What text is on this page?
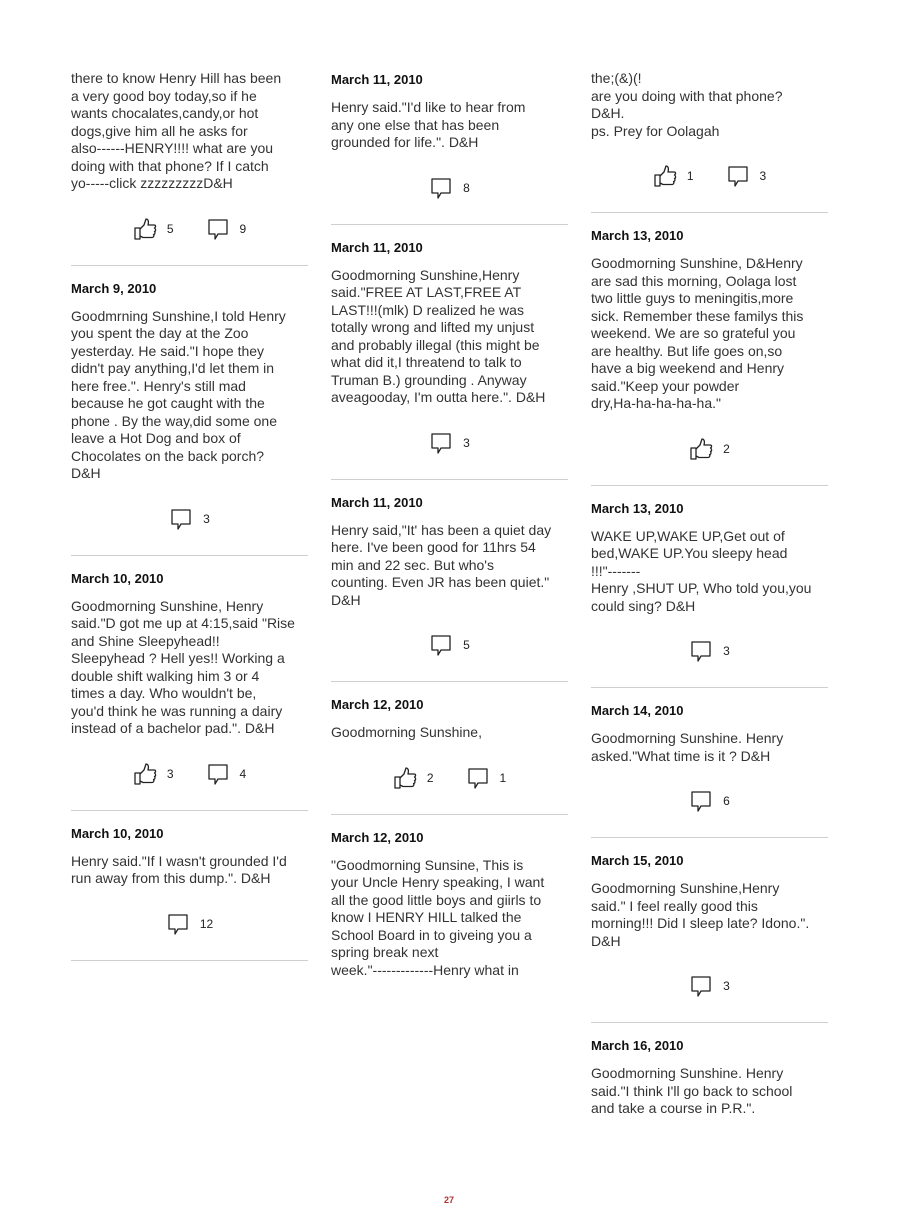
there to know Henry Hill has been
a very good boy today,so if he
wants chocalates,candy,or hot
dogs,give him all he asks for
also------HENRY!!!! what are you
doing with that phone? If I catch
yo-----click zzzzzzzzzD&H

5	9
March 9, 2010

Goodmrning Sunshine,I told Henry
you spent the day at the Zoo
yesterday. He said."I hope they
didn't pay anything,I'd let them in
here free.". Henry's still mad
because he got caught with the
phone . By the way,did some one
leave a Hot Dog and box of
Chocolates on the back porch?
D&H

3
March 10, 2010

Goodmorning Sunshine, Henry
said."D got me up at 4:15,said "Rise
and Shine Sleepyhead!!
Sleepyhead ? Hell yes!! Working a
double shift walking him 3 or 4
times a day. Who wouldn't be,
you'd think he was running a dairy
instead of a bachelor pad.". D&H

3	4
March 10, 2010

Henry said."If I wasn't grounded I'd
run away from this dump.". D&H

12
March 11, 2010

Henry said."I'd like to hear from
any one else that has been
grounded for life.". D&H

8
March 11, 2010

Goodmorning Sunshine,Henry
said."FREE AT LAST,FREE AT
LAST!!!(mlk) D realized he was
totally wrong and lifted my unjust
and probably illegal (this might be
what did it,I threatend to talk to
Truman B.) grounding . Anyway
aveagooday, I'm outta here.". D&H

3
March 11, 2010

Henry said,"It' has been a quiet day
here. I've been good for 11hrs 54
min and 22 sec. But who's
counting. Even JR has been quiet."
D&H

5
March 12, 2010

Goodmorning Sunshine,

2	1
March 12, 2010

"Goodmorning Sunsine, This is
your Uncle Henry speaking, I want
all the good little boys and giirls to
know I HENRY HILL talked the
School Board in to giveing you a
spring break next
week."-------------Henry what in

the;(&)(!
are you doing with that phone?
D&H.
ps. Prey for Oolagah

1	3
March 13, 2010

Goodmorning Sunshine, D&Henry
are sad this morning, Oolaga lost
two little guys to meningitis,more
sick. Remember these familys this
weekend. We are so grateful you
are healthy. But life goes on,so
have a big weekend and Henry
said."Keep your powder
dry,Ha-ha-ha-ha-ha."

2
March 13, 2010

WAKE UP,WAKE UP,Get out of
bed,WAKE UP.You sleepy head
!!!"-------
Henry ,SHUT UP, Who told you,you
could sing? D&H

3
March 14, 2010

Goodmorning Sunshine. Henry
asked."What time is it ? D&H

6
March 15, 2010

Goodmorning Sunshine,Henry
said." I feel really good this
morning!!! Did I sleep late? Idono.".
D&H

3
March 16, 2010

Goodmorning Sunshine. Henry
said."I think I'll go back to school
and take a course in P.R.".

27
